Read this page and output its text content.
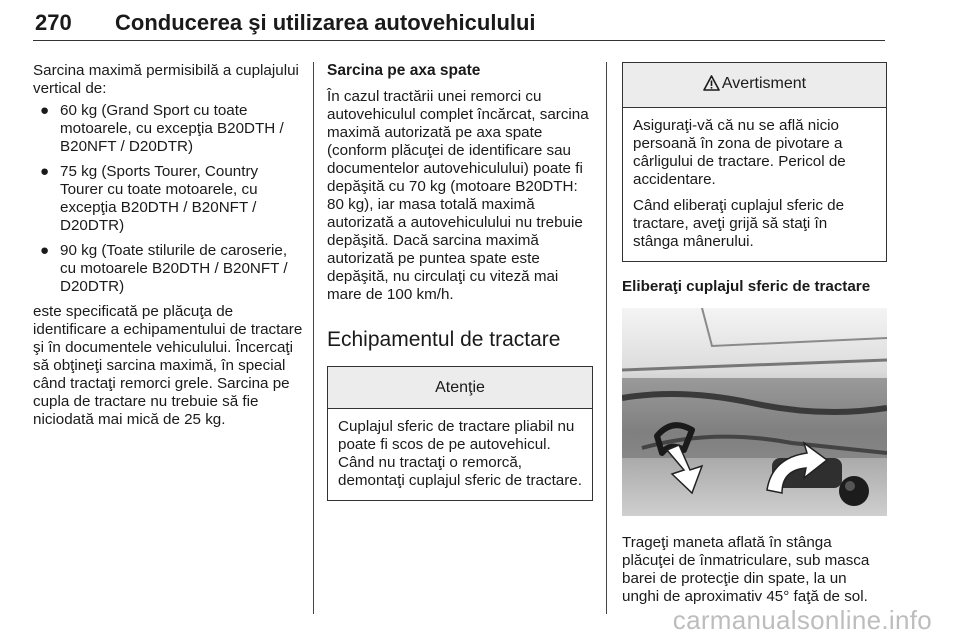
270 Conducerea şi utilizarea autovehiculului

Sarcina maximă permisibilă a cuplajului vertical de:

● 60 kg (Grand Sport cu toate motoarele, cu excepţia B20DTH / B20NFT / D20DTR)
● 75 kg (Sports Tourer, Country Tourer cu toate motoarele, cu excepţia B20DTH / B20NFT / D20DTR)
● 90 kg (Toate stilurile de caroserie, cu motoarele B20DTH / B20NFT / D20DTR)

este specificată pe plăcuţa de identificare a echipamentului de tractare şi în documentele vehiculului. Încercaţi să obţineţi sarcina maximă, în special când tractaţi remorci grele. Sarcina pe cupla de tractare nu trebuie să fie niciodată mai mică de 25 kg.

Sarcina pe axa spate

În cazul tractării unei remorci cu autovehiculul complet încărcat, sarcina maximă autorizată pe axa spate (conform plăcuţei de identificare sau documentelor autovehiculului) poate fi depăşită cu 70 kg (motoare B20DTH: 80 kg), iar masa totală maximă autorizată a autovehiculului nu trebuie depăşită. Dacă sarcina maximă autorizată pe puntea spate este depăşită, nu circulaţi cu viteză mai mare de 100 km/h.

Echipamentul de tractare
Atenţie

Cuplajul sferic de tractare pliabil nu poate fi scos de pe autovehicul. Când nu tractaţi o remorcă, demontaţi cuplajul sferic de tractare.

Avertisment

Asiguraţi-vă că nu se află nicio persoană în zona de pivotare a cârligului de tractare. Pericol de accidentare.

Când eliberaţi cuplajul sferic de tractare, aveţi grijă să staţi în stânga mânerului.

Eliberaţi cuplajul sferic de tractare

Trageţi maneta aflată în stânga plăcuţei de înmatriculare, sub masca barei de protecţie din spate, la un unghi de aproximativ 45° faţă de sol.

carmanualsonline.info
